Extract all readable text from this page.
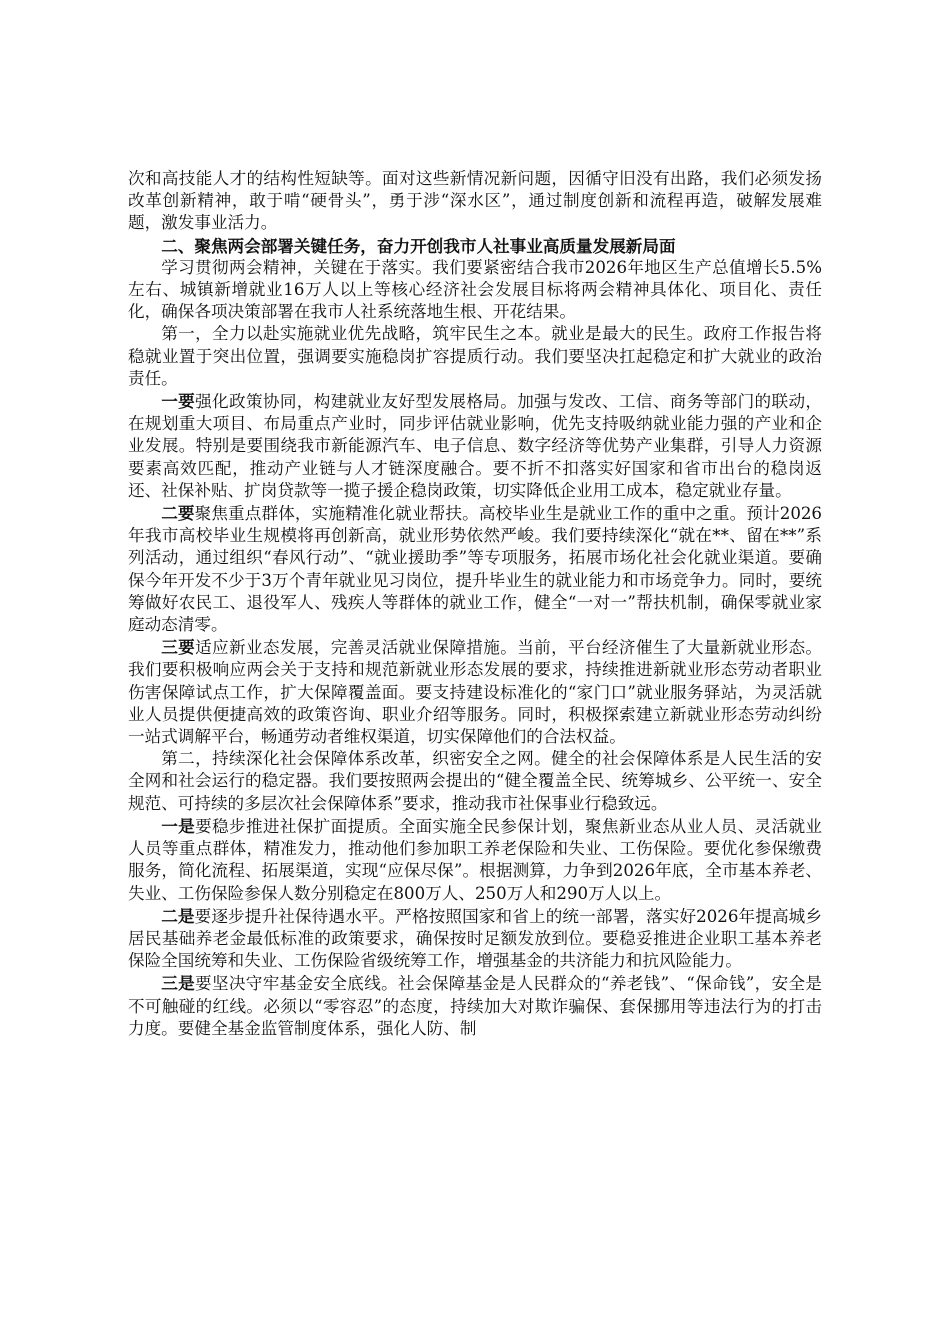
次和高技能人才的结构性短缺等。面对这些新情况新问题，因循守旧没有出路，我们必须发扬改革创新精神，敢于啃“硬骨头”，勇于涉“深水区”，通过制度创新和流程再造，破解发展难题，激发事业活力。

二、聚焦两会部署关键任务，奋力开创我市人社事业高质量发展新局面

学习贯彻两会精神，关键在于落实。我们要紧密结合我市2026年地区生产总值增长5.5%左右、城镇新增就业16万人以上等核心经济社会发展目标将两会精神具体化、项目化、责任化，确保各项决策部署在我市人社系统落地生根、开花结果。

第一，全力以赴实施就业优先战略，筑牢民生之本。就业是最大的民生。政府工作报告将稳就业置于突出位置，强调要实施稳岗扩容提质行动。我们要坚决扛起稳定和扩大就业的政治责任。

一要强化政策协同，构建就业友好型发展格局。加强与发改、工信、商务等部门的联动，在规划重大项目、布局重点产业时，同步评估就业影响，优先支持吸纳就业能力强的产业和企业发展。特别是要围绕我市新能源汽车、电子信息、数字经济等优势产业集群，引导人力资源要素高效匹配，推动产业链与人才链深度融合。要不折不扣落实好国家和省市出台的稳岗返还、社保补贴、扩岗贷款等一揽子援企稳岗政策，切实降低企业用工成本，稳定就业存量。

二要聚焦重点群体，实施精准化就业帮扶。高校毕业生是就业工作的重中之重。预计2026年我市高校毕业生规模将再创新高，就业形势依然严峻。我们要持续深化“就在**、留在**”系列活动，通过组织“春风行动”、“就业援助季”等专项服务，拓展市场化社会化就业渠道。要确保今年开发不少于3万个青年就业见习岗位，提升毕业生的就业能力和市场竞争力。同时，要统筹做好农民工、退役军人、残疾人等群体的就业工作，健全“一对一”帮扶机制，确保零就业家庭动态清零。

三要适应新业态发展，完善灵活就业保障措施。当前，平台经济催生了大量新就业形态。我们要积极响应两会关于支持和规范新就业形态发展的要求，持续推进新就业形态劳动者职业伤害保障试点工作，扩大保障覆盖面。要支持建设标准化的“家门口”就业服务驿站，为灵活就业人员提供便捷高效的政策咨询、职业介绍等服务。同时，积极探索建立新就业形态劳动纠纷一站式调解平台，畅通劳动者维权渠道，切实保障他们的合法权益。

第二，持续深化社会保障体系改革，织密安全之网。健全的社会保障体系是人民生活的安全网和社会运行的稳定器。我们要按照两会提出的“健全覆盖全民、统筹城乡、公平统一、安全规范、可持续的多层次社会保障体系”要求，推动我市社保事业行稳致远。

一是要稳步推进社保扩面提质。全面实施全民参保计划，聚焦新业态从业人员、灵活就业人员等重点群体，精准发力，推动他们参加职工养老保险和失业、工伤保险。要优化参保缴费服务，简化流程、拓展渠道，实现“应保尽保”。根据测算，力争到2026年底，全市基本养老、失业、工伤保险参保人数分别稳定在800万人、250万人和290万人以上。

二是要逐步提升社保待遇水平。严格按照国家和省上的统一部署，落实好2026年提高城乡居民基础养老金最低标准的政策要求，确保按时足额发放到位。要稳妥推进企业职工基本养老保险全国统筹和失业、工伤保险省级统筹工作，增强基金的共济能力和抗风险能力。

三是要坚决守牢基金安全底线。社会保障基金是人民群众的“养老钱”、“保命钱”，安全是不可触碰的红线。必须以“零容忍”的态度，持续加大对欺诈骗保、套保挪用等违法行为的打击力度。要健全基金监管制度体系，强化人防、制
